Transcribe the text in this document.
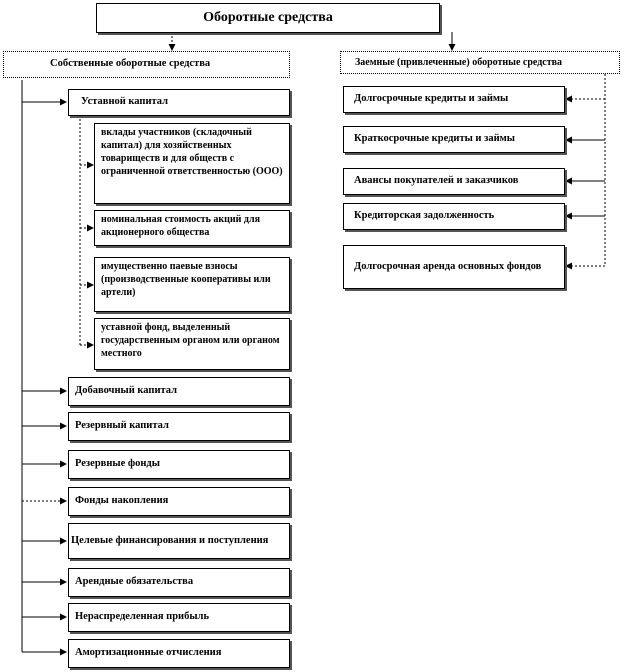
Оборотные средства
Собственные оборотные средства	Заемные (привлеченные) оборотные средства
Уставной капитал
вклады участников (складочный капитал) для хозяйственных товариществ и для обществ с ограниченной ответственностью (ООО)
номинальная стоимость акций для акционерного общества
имущественно паевые взносы (производственные кооперативы или артели)
уставной фонд, выделенный государственным органом или органом местного
Добавочный капитал
Резервный капитал
Резервные фонды
Фонды накопления
Целевые финансирования и поступления
Арендные обязательства
Нераспределенная прибыль
Амортизационные отчисления
Долгосрочные кредиты и займы
Краткосрочные кредиты и займы
Авансы покупателей и заказчиков
Кредиторская задолженность
Долгосрочная аренда основных фондов
